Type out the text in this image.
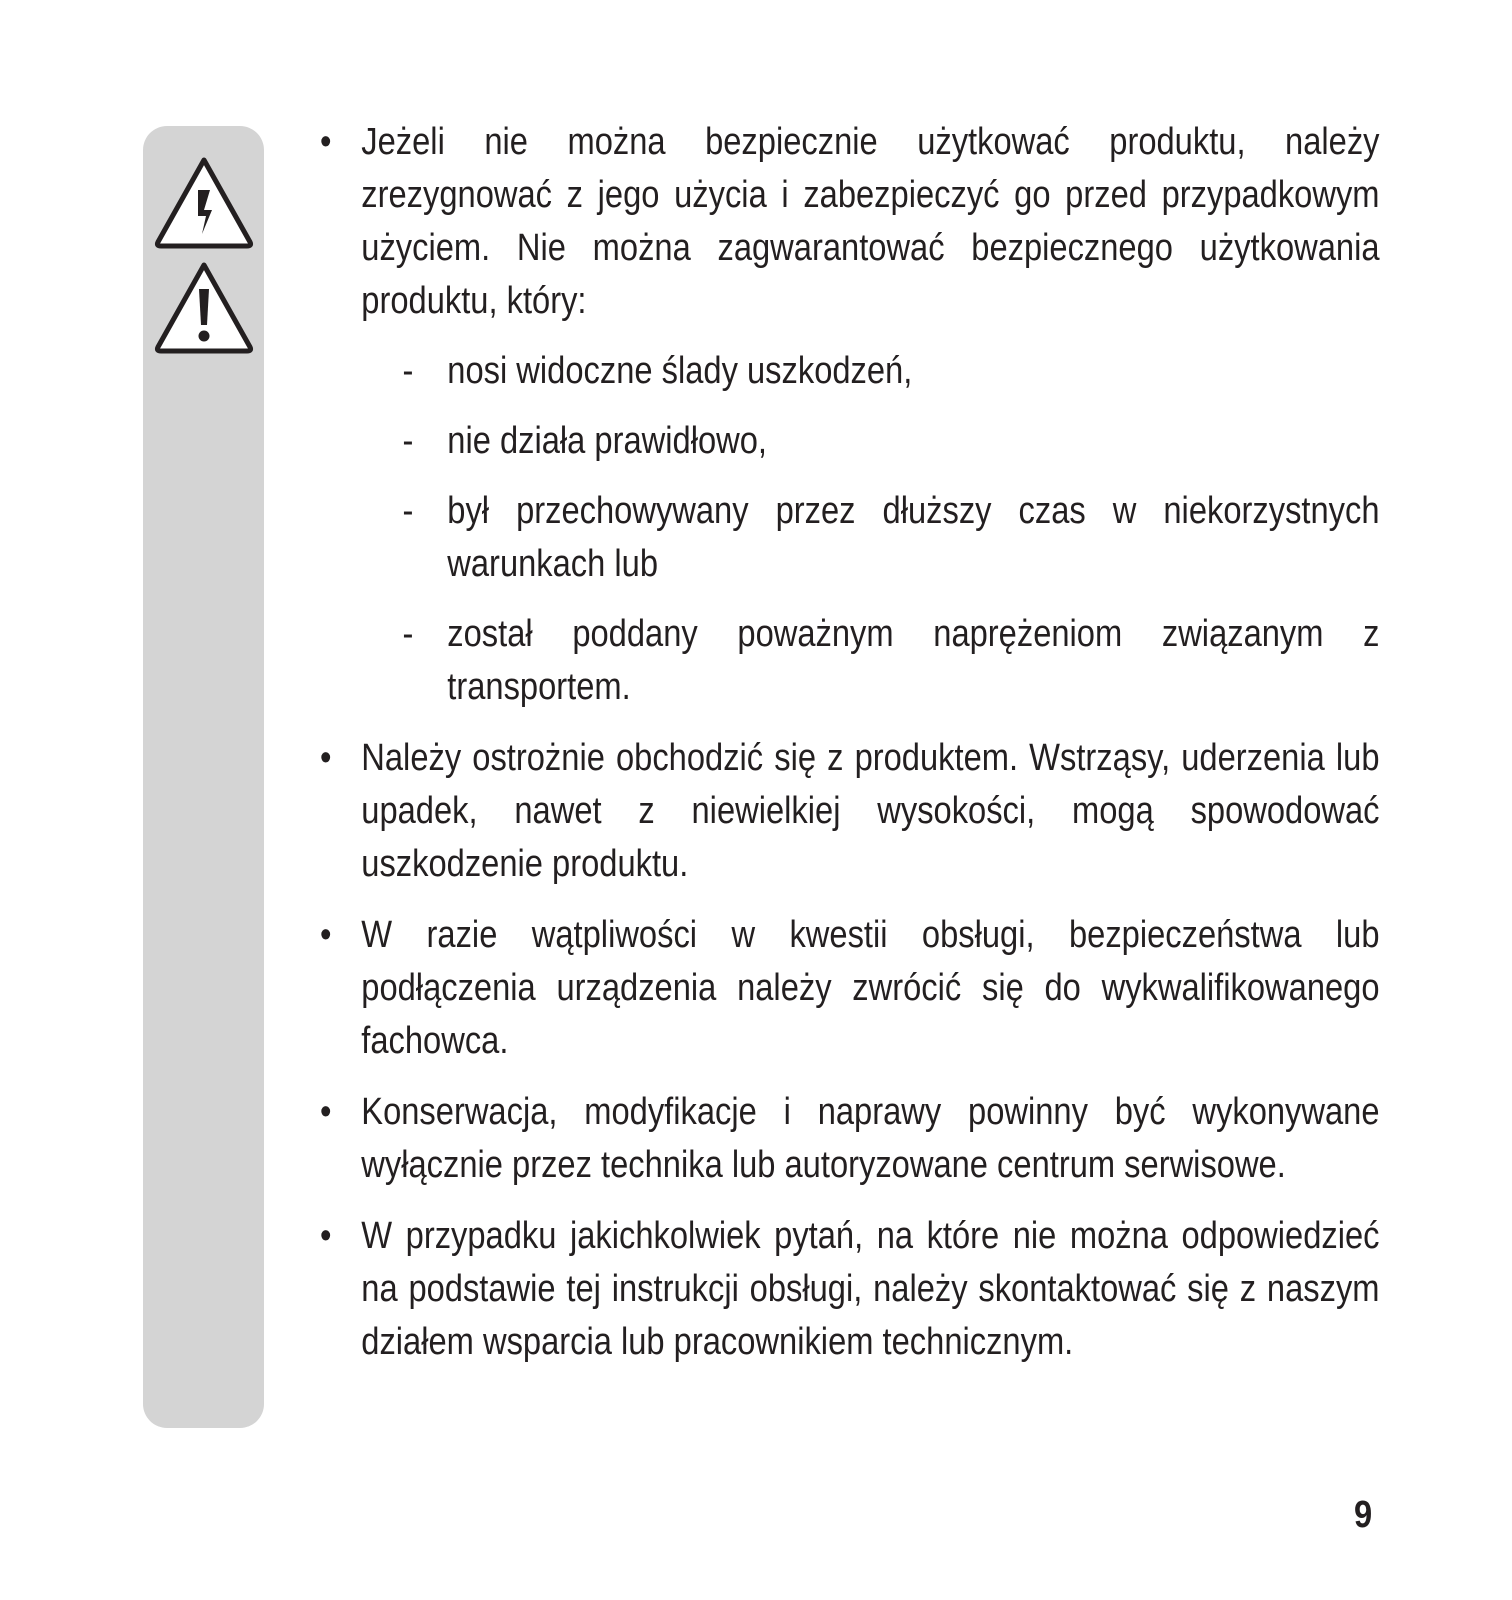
• Jeżeli nie można bezpiecznie użytkować produktu, należy zrezygnować z jego użycia i zabezpieczyć go przed przypadkowym użyciem. Nie można zagwarantować bezpiecznego użytkowania produktu, który:
- nosi widoczne ślady uszkodzeń,
- nie działa prawidłowo,
- był przechowywany przez dłuższy czas w niekorzystnych warunkach lub
- został poddany poważnym naprężeniom związanym z transportem.
• Należy ostrożnie obchodzić się z produktem. Wstrząsy, uderzenia lub upadek, nawet z niewielkiej wysokości, mogą spowodować uszkodzenie produktu.
• W razie wątpliwości w kwestii obsługi, bezpieczeństwa lub podłączenia urządzenia należy zwrócić się do wykwalifikowanego fachowca.
• Konserwacja, modyfikacje i naprawy powinny być wykonywane wyłącznie przez technika lub autoryzowane centrum serwisowe.
• W przypadku jakichkolwiek pytań, na które nie można odpowiedzieć na podstawie tej instrukcji obsługi, należy skontaktować się z naszym działem wsparcia lub pracownikiem technicznym.
9
